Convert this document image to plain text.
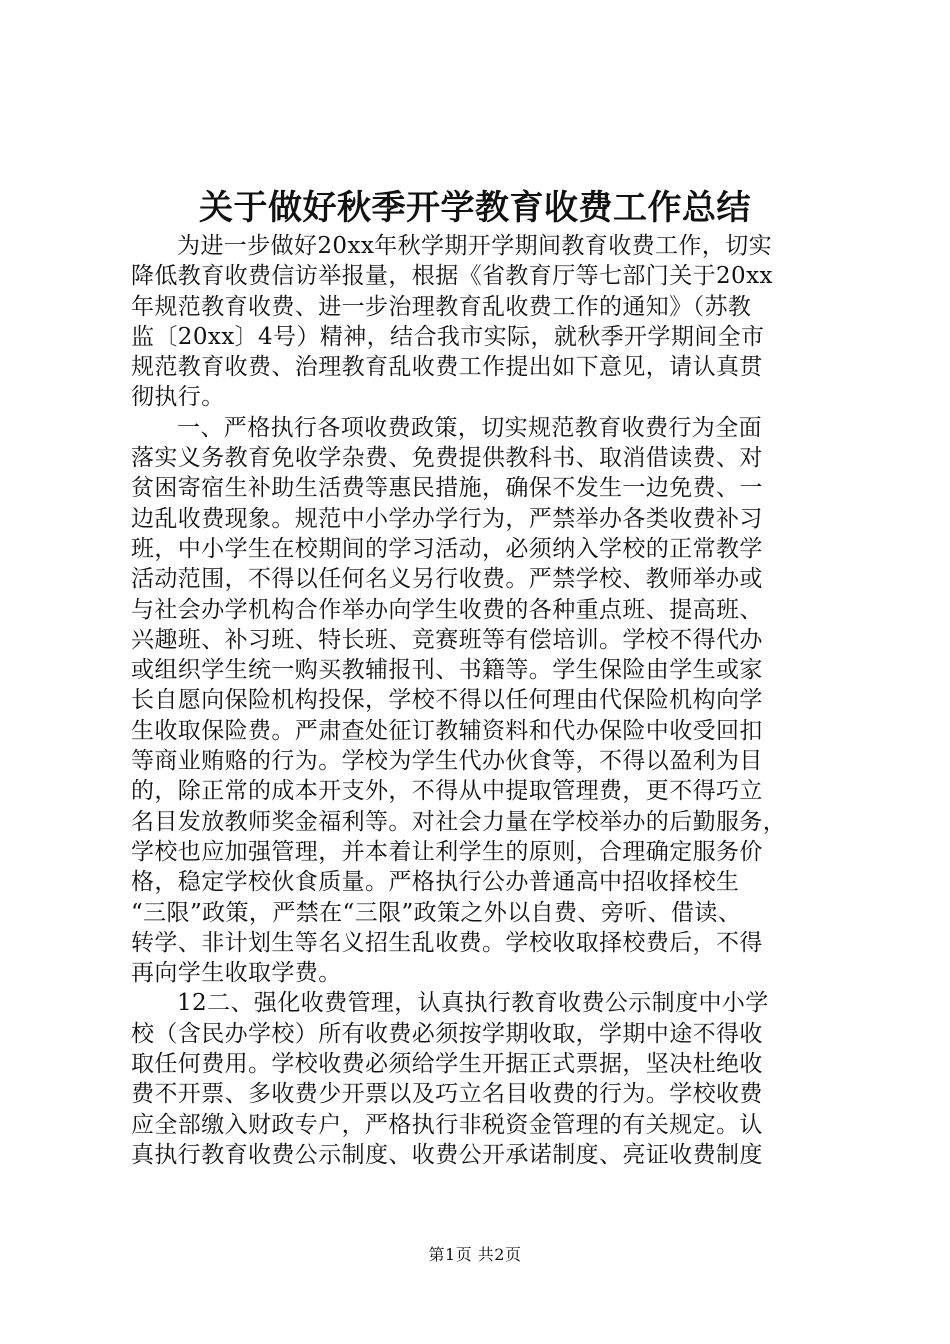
关于做好秋季开学教育收费工作总结
为进一步做好20xx年秋学期开学期间教育收费工作，切实
降低教育收费信访举报量，根据《省教育厅等七部门关于20xx
年规范教育收费、进一步治理教育乱收费工作的通知》（苏教
监〔20xx〕4号）精神，结合我市实际，就秋季开学期间全市
规范教育收费、治理教育乱收费工作提出如下意见，请认真贯
彻执行。
一、严格执行各项收费政策，切实规范教育收费行为全面
落实义务教育免收学杂费、免费提供教科书、取消借读费、对
贫困寄宿生补助生活费等惠民措施，确保不发生一边免费、一
边乱收费现象。规范中小学办学行为，严禁举办各类收费补习
班，中小学生在校期间的学习活动，必须纳入学校的正常教学
活动范围，不得以任何名义另行收费。严禁学校、教师举办或
与社会办学机构合作举办向学生收费的各种重点班、提高班、
兴趣班、补习班、特长班、竞赛班等有偿培训。学校不得代办
或组织学生统一购买教辅报刊、书籍等。学生保险由学生或家
长自愿向保险机构投保，学校不得以任何理由代保险机构向学
生收取保险费。严肃查处征订教辅资料和代办保险中收受回扣
等商业贿赂的行为。学校为学生代办伙食等，不得以盈利为目
的，除正常的成本开支外，不得从中提取管理费，更不得巧立
名目发放教师奖金福利等。对社会力量在学校举办的后勤服务，
学校也应加强管理，并本着让利学生的原则，合理确定服务价
格，稳定学校伙食质量。严格执行公办普通高中招收择校生
“三限”政策，严禁在“三限”政策之外以自费、旁听、借读、
转学、非计划生等名义招生乱收费。学校收取择校费后，不得
再向学生收取学费。
12二、强化收费管理，认真执行教育收费公示制度中小学
校（含民办学校）所有收费必须按学期收取，学期中途不得收
取任何费用。学校收费必须给学生开据正式票据，坚决杜绝收
费不开票、多收费少开票以及巧立名目收费的行为。学校收费
应全部缴入财政专户，严格执行非税资金管理的有关规定。认
真执行教育收费公示制度、收费公开承诺制度、亮证收费制度
第1页 共2页
